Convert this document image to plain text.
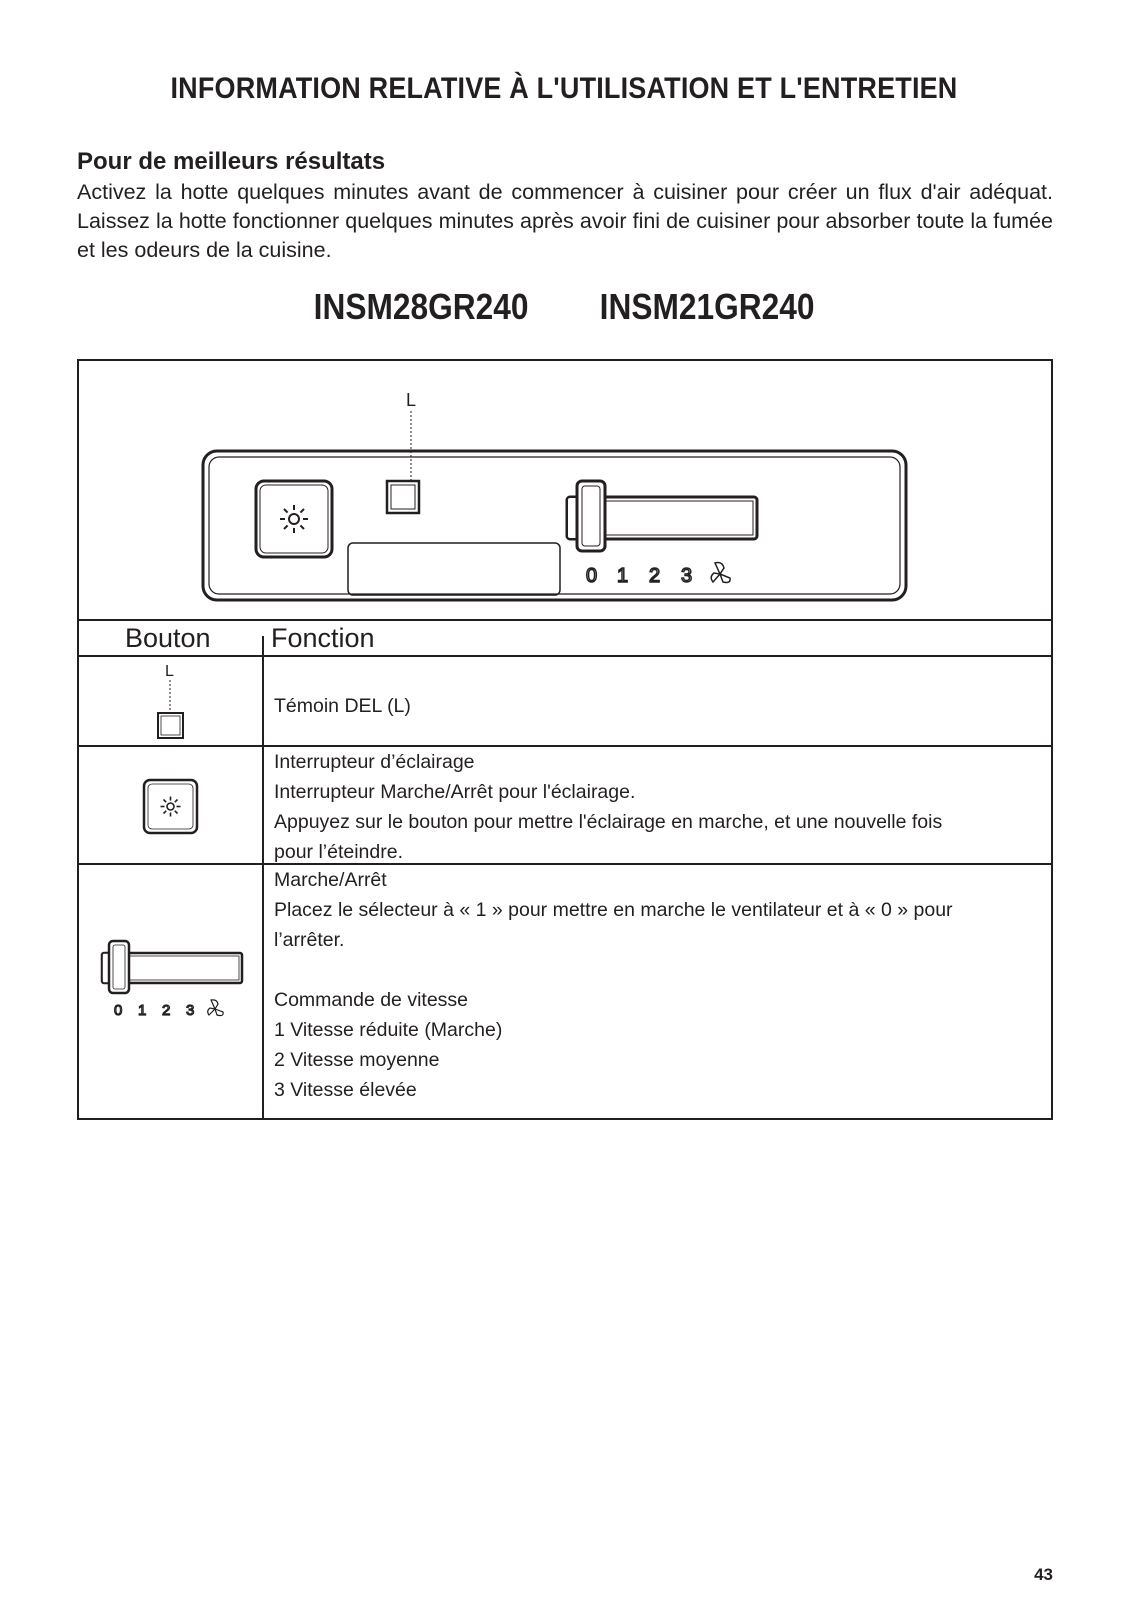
INFORMATION RELATIVE À L'UTILISATION ET L'ENTRETIEN
Pour de meilleurs résultats
Activez la hotte quelques minutes avant de commencer à cuisiner pour créer un flux d'air adéquat. Laissez la hotte fonctionner quelques minutes après avoir fini de cuisiner pour absorber toute la fumée et les odeurs de la cuisine.
INSM28GR240 INSM21GR240
L
0 1 2 3
Bouton Fonction
L
Témoin DEL (L)
Interrupteur d’éclairage
Interrupteur Marche/Arrêt pour l'éclairage.
Appuyez sur le bouton pour mettre l'éclairage en marche, et une nouvelle fois
pour l’éteindre.
0 1 2 3
Marche/Arrêt
Placez le sélecteur à « 1 » pour mettre en marche le ventilateur et à « 0 » pour
l’arrêter.
Commande de vitesse
1 Vitesse réduite (Marche)
2 Vitesse moyenne
3 Vitesse élevée
43
